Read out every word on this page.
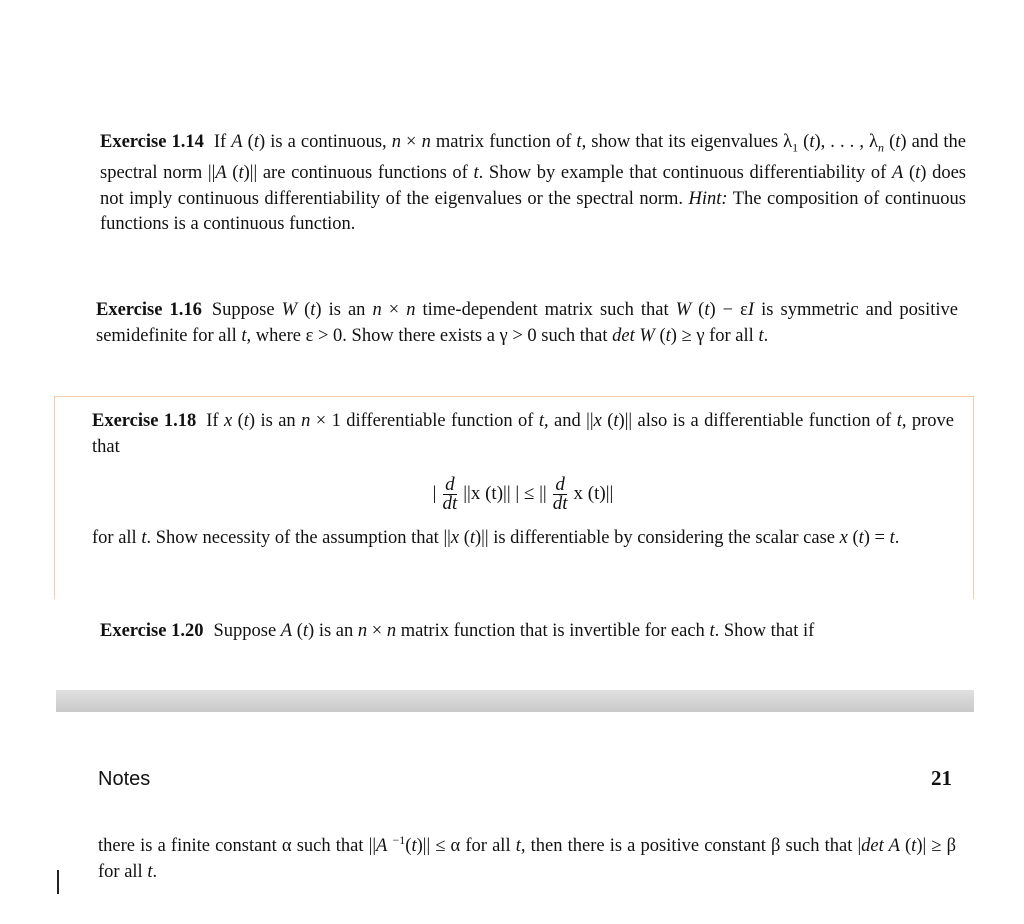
Exercise 1.14 If A (t) is a continuous, n × n matrix function of t, show that its eigenvalues $\lambda_1$ (t), . . . , $\lambda_n$ (t) and the spectral norm ||A (t)|| are continuous functions of t. Show by example that continuous differentiability of A (t) does not imply continuous differentiability of the eigenvalues or the spectral norm. Hint: The composition of continuous functions is a continuous function.
Exercise 1.16 Suppose W (t) is an n × n time-dependent matrix such that W (t) − εI is symmetric and positive semidefinite for all t, where ε > 0. Show there exists a γ > 0 such that det W (t) ≥ γ for all t.
Exercise 1.18 If x (t) is an n × 1 differentiable function of t, and ||x (t)|| also is a differentiable function of t, prove that
| $\frac{d}{dt} ||x$ (t)|| | ≤ || $\frac{d}{dt}$ x (t)||
for all t. Show necessity of the assumption that ||x (t)|| is differentiable by considering the scalar case x (t) = t.
Exercise 1.20 Suppose A (t) is an n × n matrix function that is invertible for each t. Show that if
Notes	21
there is a finite constant α such that ||A $^{-1}$(t)|| ≤ α for all t, then there is a positive constant β such that |det A (t)| ≥ β for all t.
